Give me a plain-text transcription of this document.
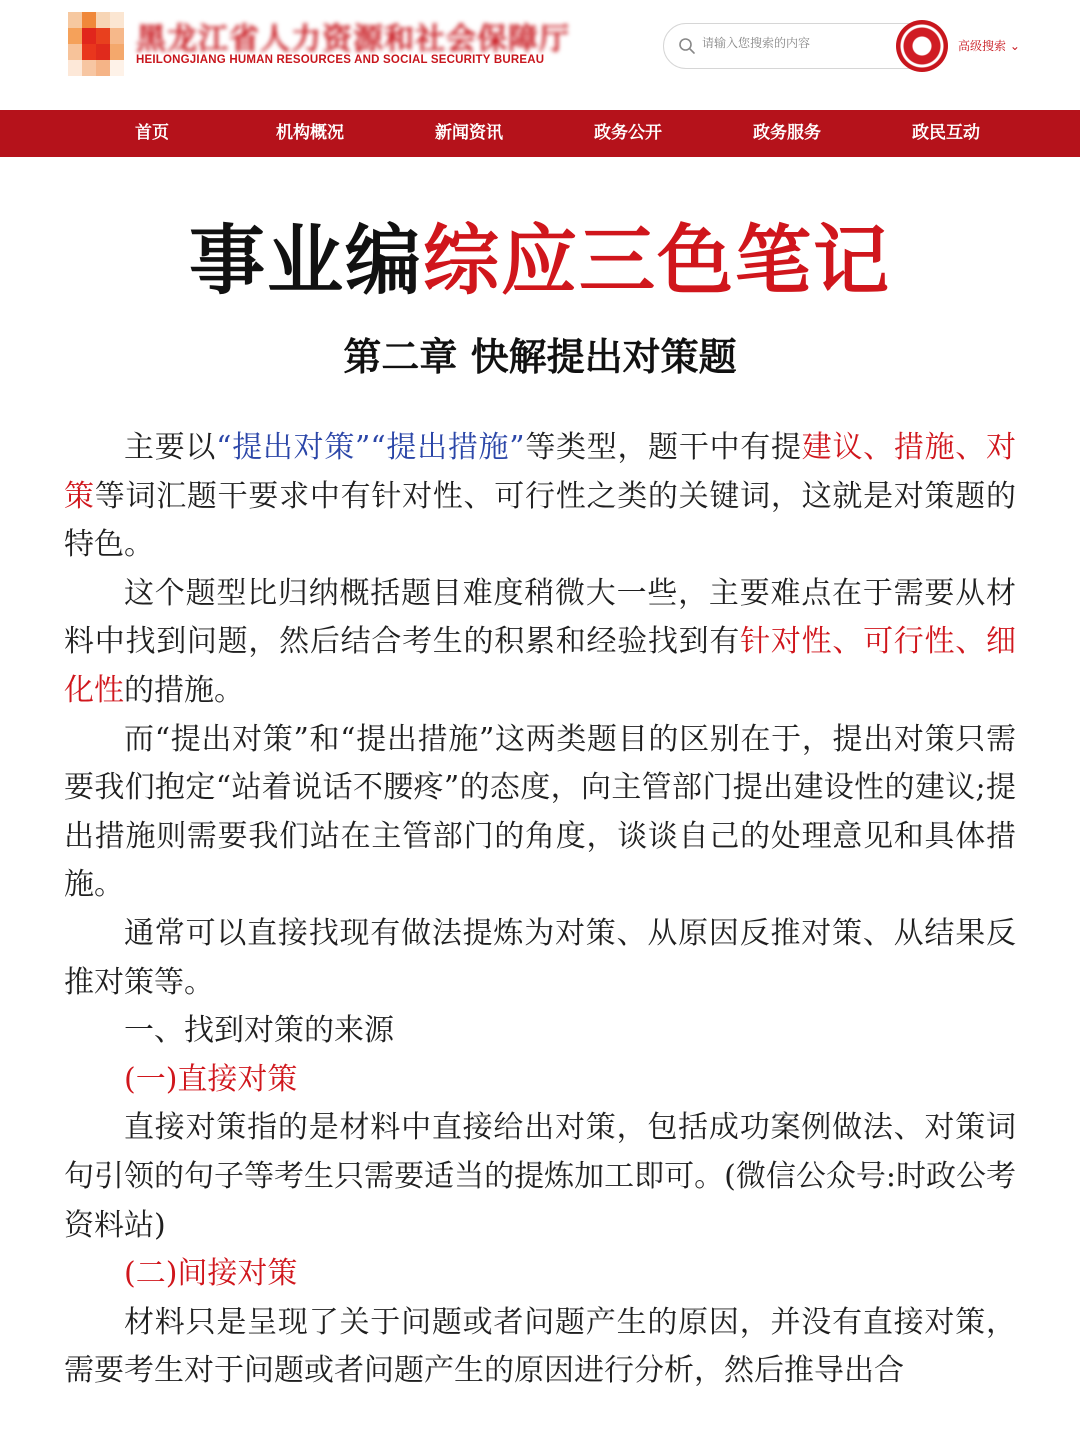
黑龙江省人力资源和社会保障厅
HEILONGJIANG HUMAN RESOURCES AND SOCIAL SECURITY BUREAU
请输入您搜索的内容
高级搜索 ⌄
首页	机构概况	新闻资讯	政务公开	政务服务	政民互动
事业编综应三色笔记
第二章 快解提出对策题

主要以“提出对策”“提出措施”等类型，题干中有提建议、措施、对策等词汇题干要求中有针对性、可行性之类的关键词，这就是对策题的特色。

这个题型比归纳概括题目难度稍微大一些，主要难点在于需要从材料中找到问题，然后结合考生的积累和经验找到有针对性、可行性、细化性的措施。

而“提出对策”和“提出措施”这两类题目的区别在于，提出对策只需要我们抱定“站着说话不腰疼”的态度，向主管部门提出建设性的建议;提出措施则需要我们站在主管部门的角度，谈谈自己的处理意见和具体措施。

通常可以直接找现有做法提炼为对策、从原因反推对策、从结果反推对策等。

一、找到对策的来源

(一)直接对策

直接对策指的是材料中直接给出对策，包括成功案例做法、对策词句引领的句子等考生只需要适当的提炼加工即可。(微信公众号:时政公考资料站)

(二)间接对策

材料只是呈现了关于问题或者问题产生的原因，并没有直接对策，需要考生对于问题或者问题产生的原因进行分析，然后推导出合
